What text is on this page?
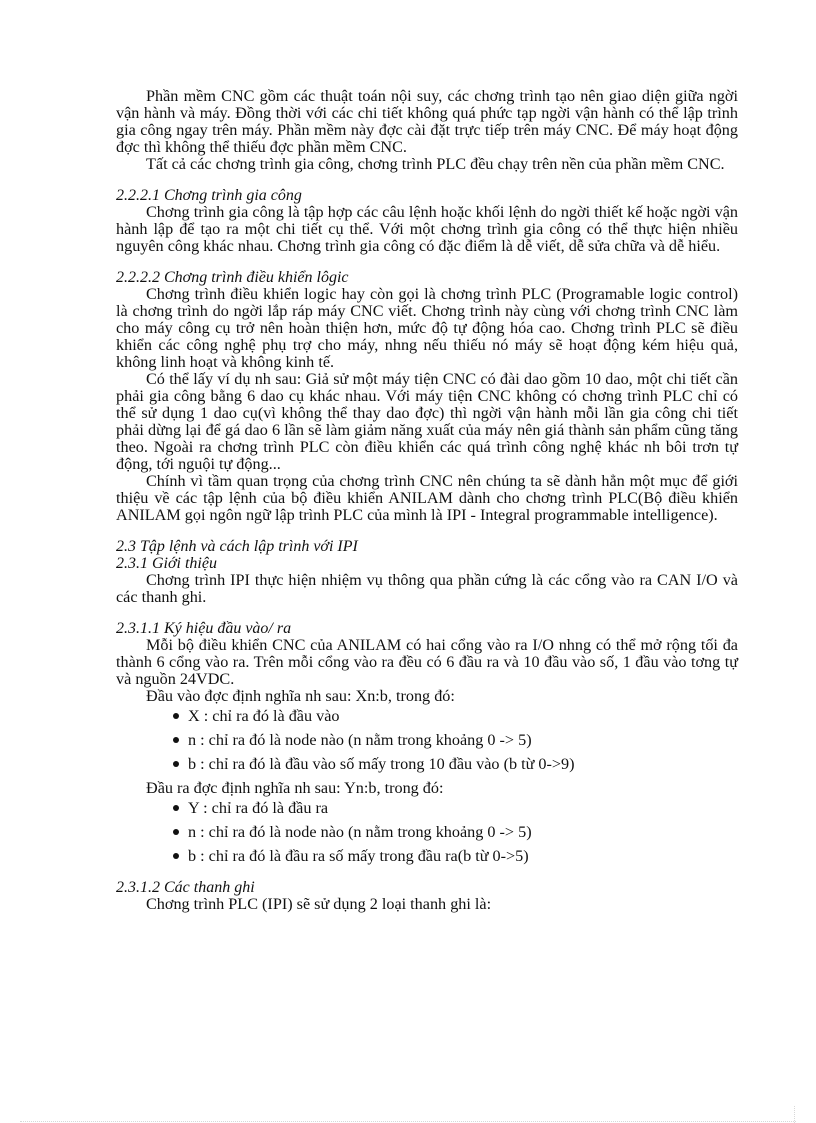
Phần mềm CNC gồm các thuật toán nội suy, các chơng trình tạo nên giao diện giữa ngời vận hành và máy. Đồng thời với các chi tiết không quá phức tạp ngời vận hành có thể lập trình gia công ngay trên máy. Phần mềm này đợc cài đặt trực tiếp trên máy CNC. Để máy hoạt động đợc thì không thể thiếu đợc phần mềm CNC.

Tất cả các chơng trình gia công, chơng trình PLC đều chạy trên nền của phần mềm CNC.

2.2.2.1 Chơng trình gia công

Chơng trình gia công là tập hợp các câu lệnh hoặc khối lệnh do ngời thiết kế hoặc ngời vận hành lập để tạo ra một chi tiết cụ thể. Với một chơng trình gia công có thể thực hiện nhiều nguyên công khác nhau. Chơng trình gia công có đặc điểm là dễ viết, dễ sửa chữa và dễ hiểu.

2.2.2.2 Chơng trình điều khiển lôgic

Chơng trình điều khiển logic hay còn gọi là chơng trình PLC (Programable logic control) là chơng trình do ngời lắp ráp máy CNC viết. Chơng trình này cùng với chơng trình CNC làm cho máy công cụ trở nên hoàn thiện hơn, mức độ tự động hóa cao. Chơng trình PLC sẽ điều khiển các công nghệ phụ trợ cho máy, nhng nếu thiếu nó máy sẽ hoạt động kém hiệu quả, không linh hoạt và không kinh tế.

Có thể lấy ví dụ nh sau: Giả sử một máy tiện CNC có đài dao gồm 10 dao, một chi tiết cần phải gia công bằng 6 dao cụ khác nhau. Với máy tiện CNC không có chơng trình PLC chỉ có thể sử dụng 1 dao cụ(vì không thể thay dao đợc) thì ngời vận hành mỗi lần gia công chi tiết phải dừng lại để gá dao 6 lần sẽ làm giảm năng xuất của máy nên giá thành sản phẩm cũng tăng theo. Ngoài ra chơng trình PLC còn điều khiển các quá trình công nghệ khác nh bôi trơn tự động, tới nguội tự động...

Chính vì tầm quan trọng của chơng trình CNC nên chúng ta sẽ dành hẳn một mục để giới thiệu về các tập lệnh của bộ điều khiển ANILAM dành cho chơng trình PLC(Bộ điều khiển ANILAM gọi ngôn ngữ lập trình PLC của mình là IPI - Integral programmable intelligence).

2.3 Tập lệnh và cách lập trình với IPI

2.3.1 Giới thiệu

Chơng trình IPI thực hiện nhiệm vụ thông qua phần cứng là các cổng vào ra CAN I/O và các thanh ghi.

2.3.1.1 Ký hiệu đầu vào/ ra

Mỗi bộ điều khiển CNC của ANILAM có hai cổng vào ra I/O nhng có thể mở rộng tối đa thành 6 cổng vào ra. Trên mỗi cổng vào ra đều có 6 đầu ra và 10 đầu vào số, 1 đầu vào tơng tự và nguồn 24VDC.

Đầu vào đợc định nghĩa nh sau: Xn:b, trong đó:

X : chỉ ra đó là đầu vào
n : chỉ ra đó là node nào (n nằm trong khoảng 0 -> 5)
b : chỉ ra đó là đầu vào số mấy trong 10 đầu vào (b từ 0->9)

Đầu ra đợc định nghĩa nh sau: Yn:b, trong đó:

Y : chỉ ra đó là đầu ra
n : chỉ ra đó là node nào (n nằm trong khoảng 0 -> 5)
b : chỉ ra đó là đầu ra số mấy trong đầu ra(b từ 0->5)

2.3.1.2 Các thanh ghi

Chơng trình PLC (IPI) sẽ sử dụng 2 loại thanh ghi là:
